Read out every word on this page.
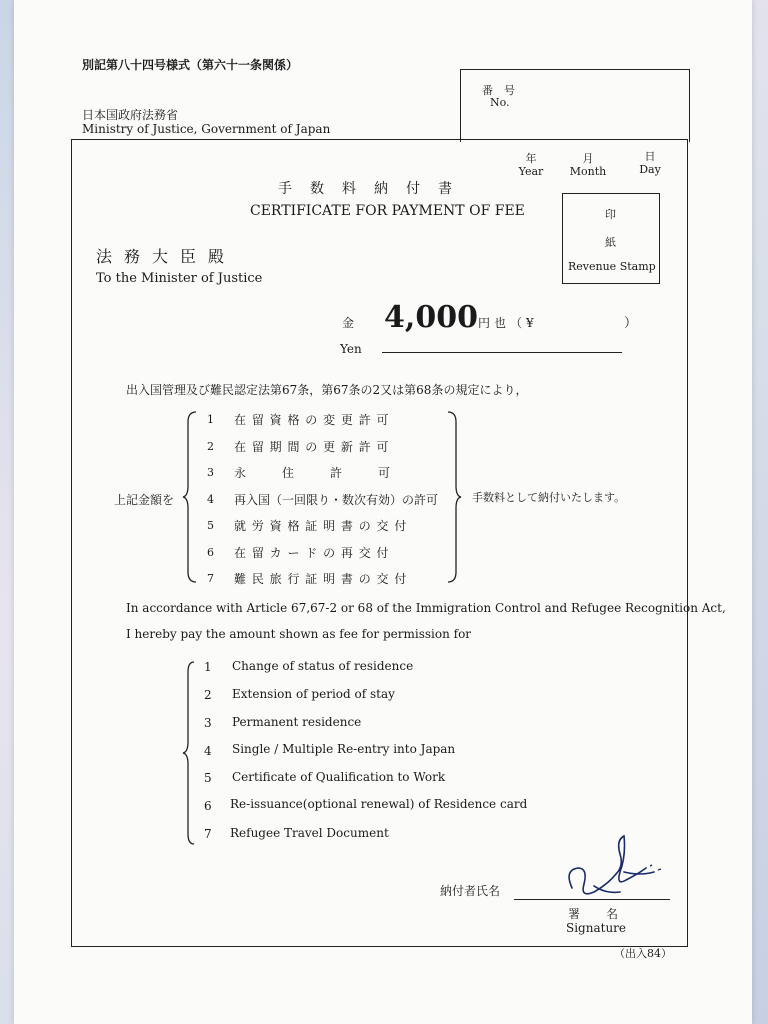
別記第八十四号様式（第六十一条関係）
日本国政府法務省
Ministry of Justice, Government of Japan
番　号
No.
年
Year
月
Month
日
Day
手数料納付書
CERTIFICATE FOR PAYMENT OF FEE	印
紙
Revenue Stamp
法務大臣殿
To the Minister of Justice
金 4,000 円也（¥	）
Yen
出入国管理及び難民認定法第67条，第67条の2又は第68条の規定により，
上記金額を	手数料として納付いたします。
1 在 留 資 格 の 変 更 許 可
2 在 留 期 間 の 更 新 許 可
3 永　　　住　　　許　　　可
4 再入国（一回限り・数次有効）の許可
5 就 労 資 格 証 明 書 の 交 付
6 在 留 カ ー ド の 再 交 付
7 難 民 旅 行 証 明 書 の 交 付
In accordance with Article 67,67-2 or 68 of the Immigration Control and Refugee Recognition Act,
I hereby pay the amount shown as fee for permission for
1 Change of status of residence
2 Extension of period of stay
3 Permanent residence
4 Single / Multiple Re-entry into Japan
5 Certificate of Qualification to Work
6 Re-issuance(optional renewal) of Residence card
7 Refugee Travel Document
納付者氏名
署名
Signature
（出入84）
